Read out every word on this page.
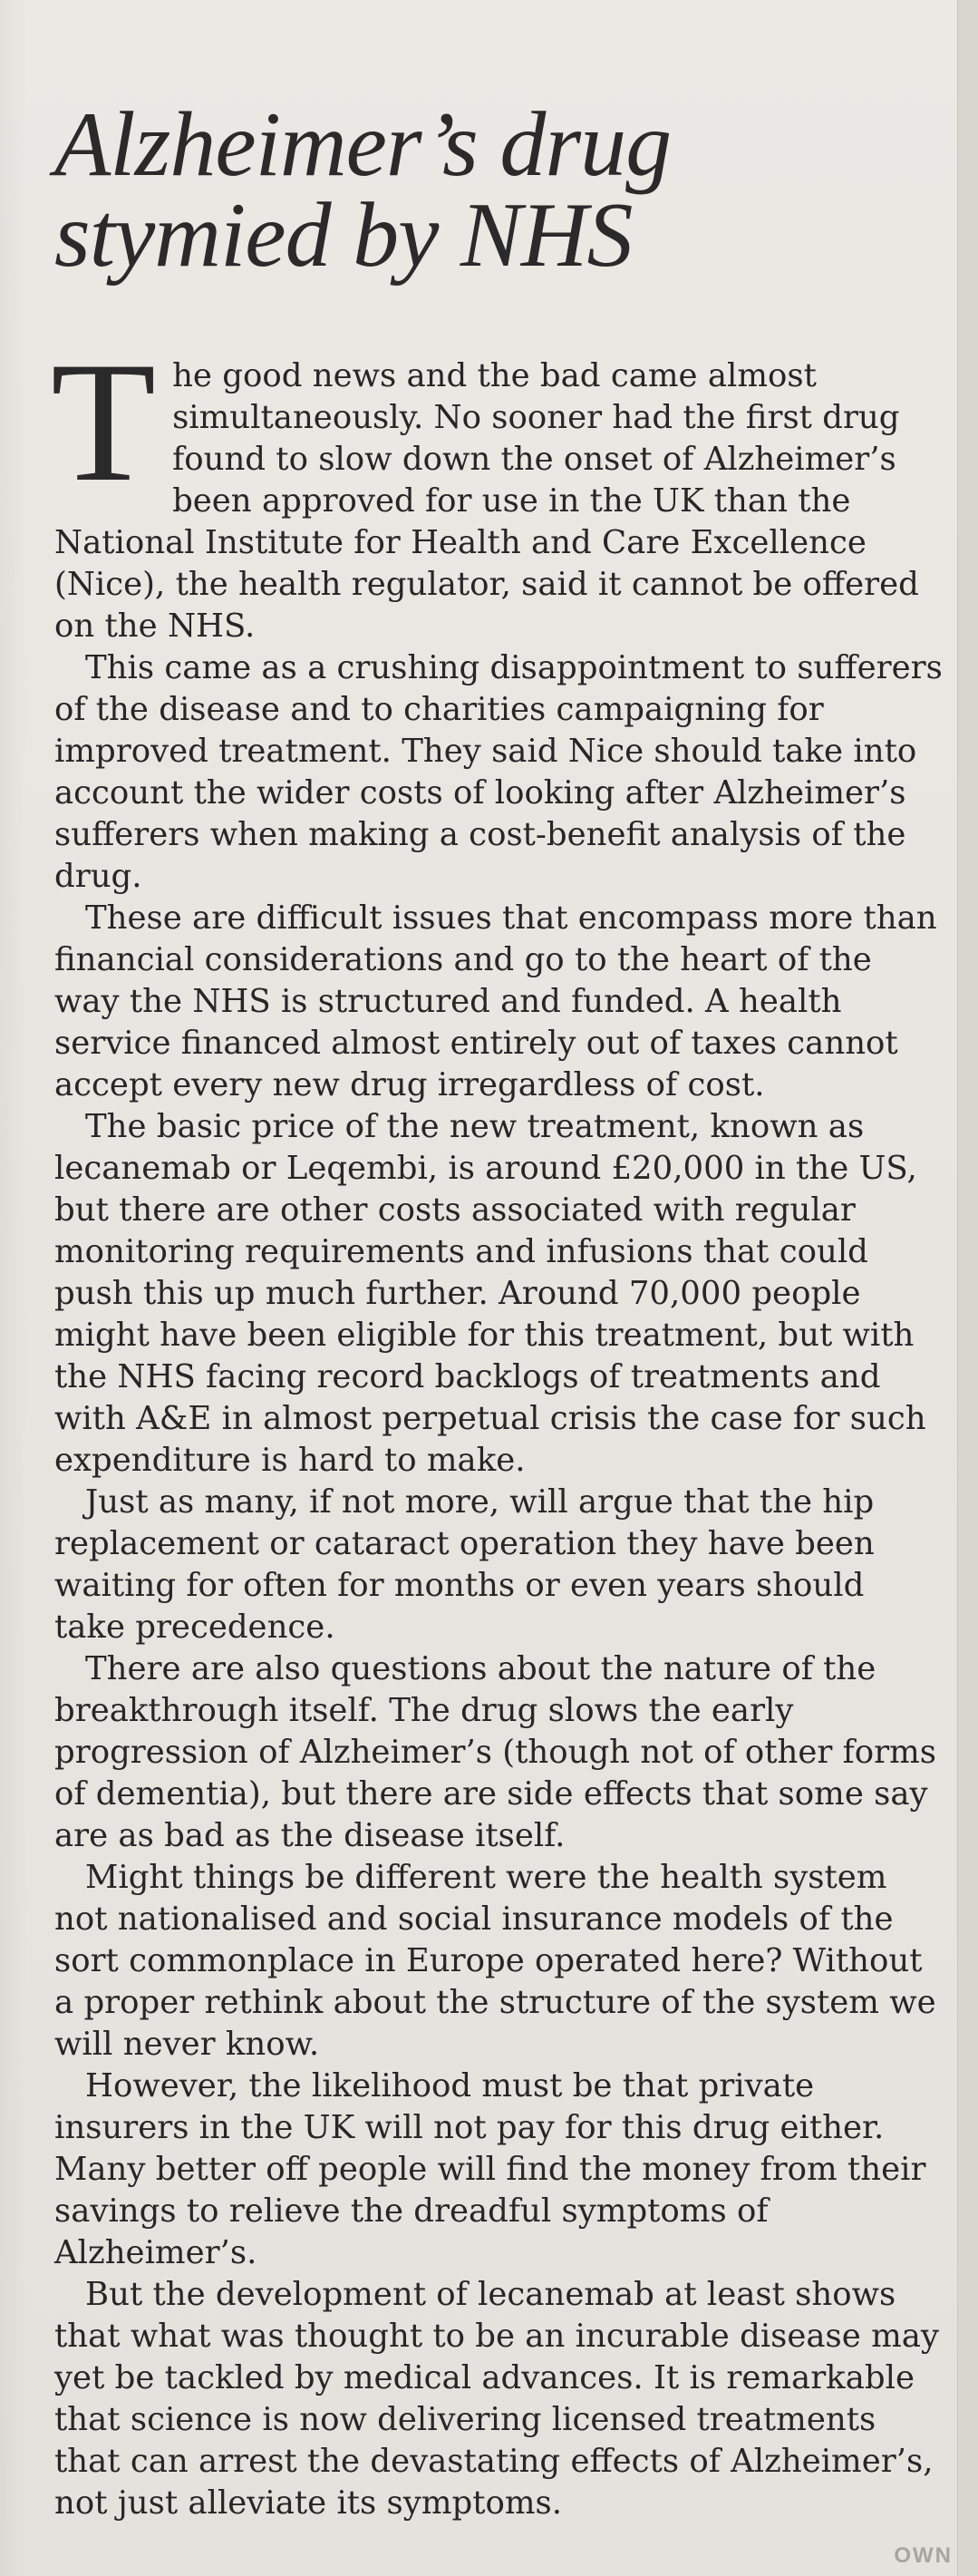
Alzheimer’s drug
stymied by NHS

The good news and the bad came almost simultaneously. No sooner had the first drug found to slow down the onset of Alzheimer’s been approved for use in the UK than the National Institute for Health and Care Excellence (Nice), the health regulator, said it cannot be offered on the NHS.

This came as a crushing disappointment to sufferers of the disease and to charities campaigning for improved treatment. They said Nice should take into account the wider costs of looking after Alzheimer’s sufferers when making a cost-benefit analysis of the drug.

These are difficult issues that encompass more than financial considerations and go to the heart of the way the NHS is structured and funded. A health service financed almost entirely out of taxes cannot accept every new drug irregardless of cost.

The basic price of the new treatment, known as lecanemab or Leqembi, is around £20,000 in the US, but there are other costs associated with regular monitoring requirements and infusions that could push this up much further. Around 70,000 people might have been eligible for this treatment, but with the NHS facing record backlogs of treatments and with A&E in almost perpetual crisis the case for such expenditure is hard to make.

Just as many, if not more, will argue that the hip replacement or cataract operation they have been waiting for often for months or even years should take precedence.

There are also questions about the nature of the breakthrough itself. The drug slows the early progression of Alzheimer’s (though not of other forms of dementia), but there are side effects that some say are as bad as the disease itself.

Might things be different were the health system not nationalised and social insurance models of the sort commonplace in Europe operated here? Without a proper rethink about the structure of the system we will never know.

However, the likelihood must be that private insurers in the UK will not pay for this drug either. Many better off people will find the money from their savings to relieve the dreadful symptoms of Alzheimer’s.

But the development of lecanemab at least shows that what was thought to be an incurable disease may yet be tackled by medical advances. It is remarkable that science is now delivering licensed treatments that can arrest the devastating effects of Alzheimer’s, not just alleviate its symptoms.

OWN
